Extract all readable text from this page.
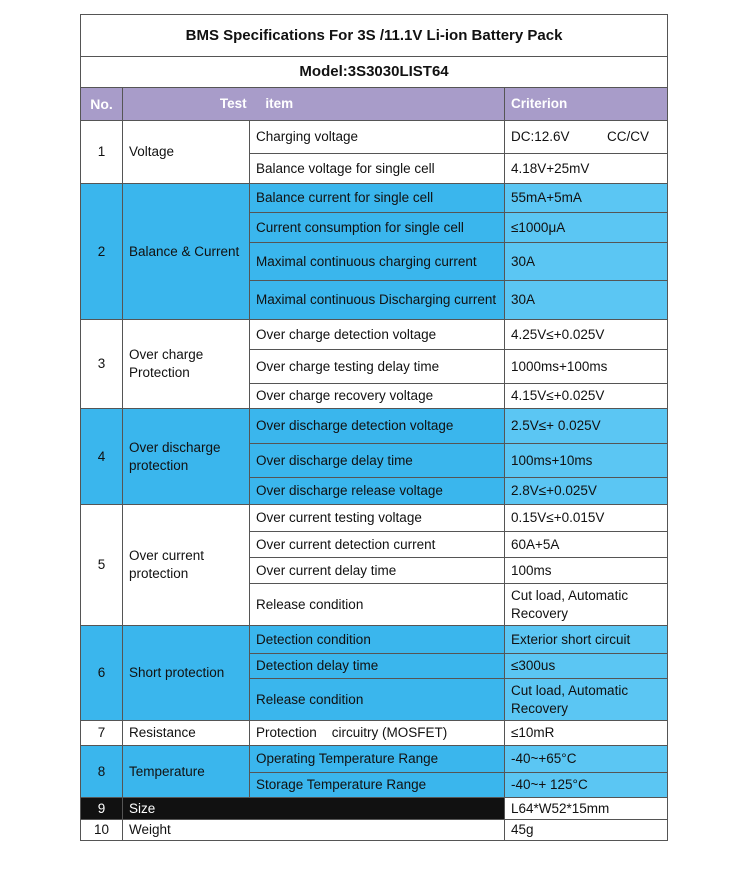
BMS Specifications For 3S /11.1V Li-ion Battery Pack			
Model:3S3030LIST64			
No.	Test     item		Criterion
1	Voltage	Charging voltage	DC:12.6V          CC/CV
		Balance voltage for single cell	4.18V+25mV
2	Balance & Current	Balance current for single cell	55mA+5mA
		Current consumption for single cell	≤1000μA
		Maximal continuous charging current	30A
		Maximal continuous Discharging current	30A
3	Over charge Protection	Over charge detection voltage	4.25V≤+0.025V
		Over charge testing delay time	1000ms+100ms
		Over charge recovery voltage	4.15V≤+0.025V
4	Over discharge protection	Over discharge detection voltage	2.5V≤+ 0.025V
		Over discharge delay time	100ms+10ms
		Over discharge release voltage	2.8V≤+0.025V
5	Over current protection	Over current testing voltage	0.15V≤+0.015V
		Over current detection current	60A+5A
		Over current delay time	100ms
		Release condition	Cut load, Automatic Recovery
6	Short protection	Detection condition	Exterior short circuit
		Detection delay time	≤300us
		Release condition	Cut load, Automatic Recovery
7	Resistance	Protection    circuitry (MOSFET)	≤10mR
8	Temperature	Operating Temperature Range	-40~+65°C
		Storage Temperature Range	-40~+ 125°C
9	Size		L64*W52*15mm
10	Weight		45g
